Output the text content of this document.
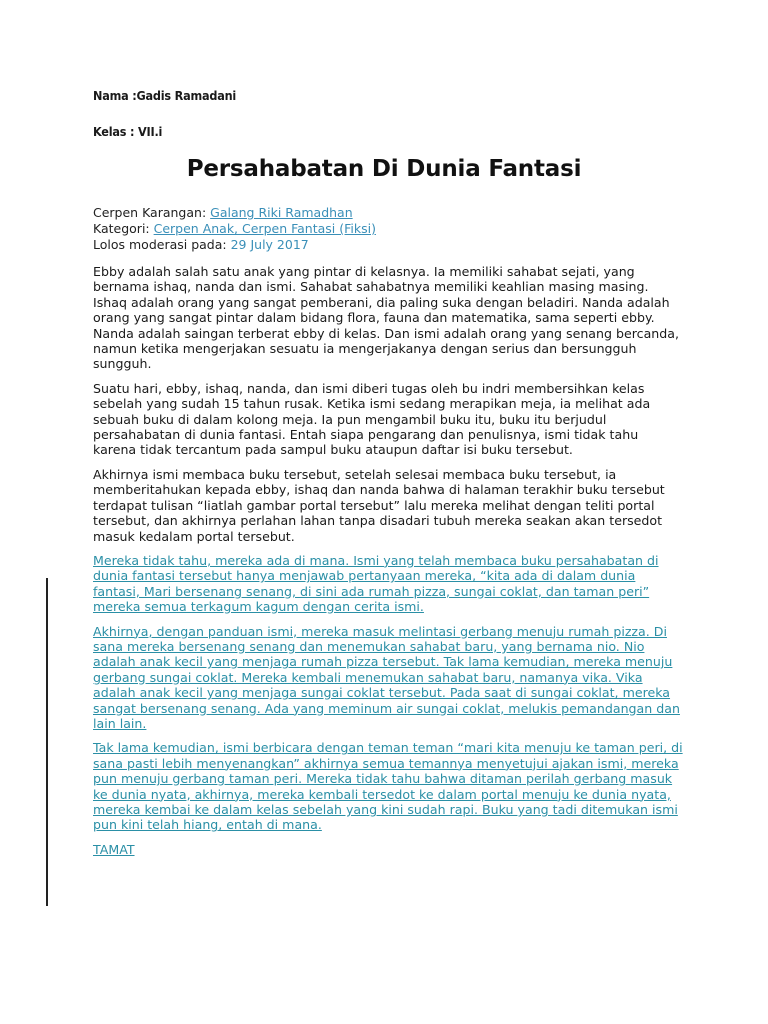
Nama :Gadis Ramadani
Kelas : VII.i
Persahabatan Di Dunia Fantasi
Cerpen Karangan: Galang Riki Ramadhan
Kategori: Cerpen Anak, Cerpen Fantasi (Fiksi)
Lolos moderasi pada: 29 July 2017

Ebby adalah salah satu anak yang pintar di kelasnya. Ia memiliki sahabat sejati, yang bernama ishaq, nanda dan ismi. Sahabat sahabatnya memiliki keahlian masing masing. Ishaq adalah orang yang sangat pemberani, dia paling suka dengan beladiri. Nanda adalah orang yang sangat pintar dalam bidang flora, fauna dan matematika, sama seperti ebby. Nanda adalah saingan terberat ebby di kelas. Dan ismi adalah orang yang senang bercanda, namun ketika mengerjakan sesuatu ia mengerjakanya dengan serius dan bersungguh sungguh.

Suatu hari, ebby, ishaq, nanda, dan ismi diberi tugas oleh bu indri membersihkan kelas sebelah yang sudah 15 tahun rusak. Ketika ismi sedang merapikan meja, ia melihat ada sebuah buku di dalam kolong meja. Ia pun mengambil buku itu, buku itu berjudul persahabatan di dunia fantasi. Entah siapa pengarang dan penulisnya, ismi tidak tahu karena tidak tercantum pada sampul buku ataupun daftar isi buku tersebut.

Akhirnya ismi membaca buku tersebut, setelah selesai membaca buku tersebut, ia memberitahukan kepada ebby, ishaq dan nanda bahwa di halaman terakhir buku tersebut terdapat tulisan “liatlah gambar portal tersebut” lalu mereka melihat dengan teliti portal tersebut, dan akhirnya perlahan lahan tanpa disadari tubuh mereka seakan akan tersedot masuk kedalam portal tersebut.

Mereka tidak tahu, mereka ada di mana. Ismi yang telah membaca buku persahabatan di dunia fantasi tersebut hanya menjawab pertanyaan mereka, “kita ada di dalam dunia fantasi, Mari bersenang senang, di sini ada rumah pizza, sungai coklat, dan taman peri” mereka semua terkagum kagum dengan cerita ismi.

Akhirnya, dengan panduan ismi, mereka masuk melintasi gerbang menuju rumah pizza. Di sana mereka bersenang senang dan menemukan sahabat baru, yang bernama nio. Nio adalah anak kecil yang menjaga rumah pizza tersebut. Tak lama kemudian, mereka menuju gerbang sungai coklat. Mereka kembali menemukan sahabat baru, namanya vika. Vika adalah anak kecil yang menjaga sungai coklat tersebut. Pada saat di sungai coklat, mereka sangat bersenang senang. Ada yang meminum air sungai coklat, melukis pemandangan dan lain lain.

Tak lama kemudian, ismi berbicara dengan teman teman “mari kita menuju ke taman peri, di sana pasti lebih menyenangkan” akhirnya semua temannya menyetujui ajakan ismi, mereka pun menuju gerbang taman peri. Mereka tidak tahu bahwa ditaman perilah gerbang masuk ke dunia nyata, akhirnya, mereka kembali tersedot ke dalam portal menuju ke dunia nyata, mereka kembai ke dalam kelas sebelah yang kini sudah rapi. Buku yang tadi ditemukan ismi pun kini telah hiang, entah di mana.

TAMAT
